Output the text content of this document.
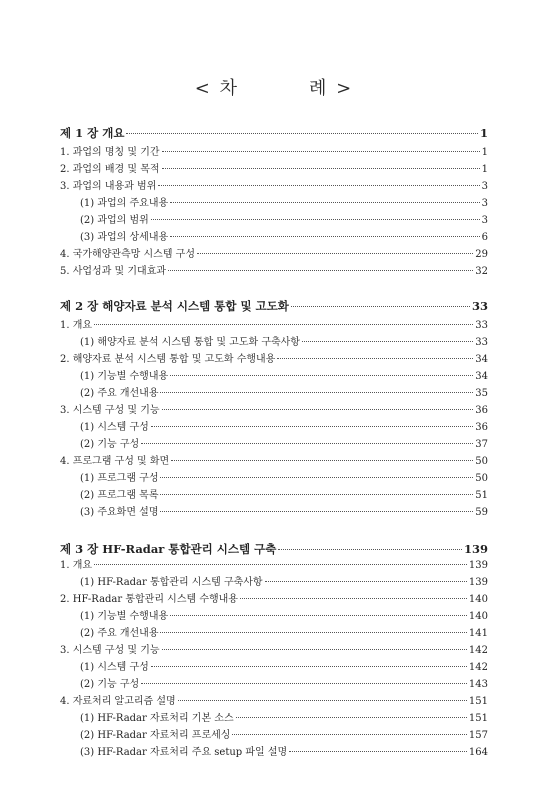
< 차	례 >
제 1 장 개요	1
1. 과업의 명칭 및 기간	1
2. 과업의 배경 및 목적	1
3. 과업의 내용과 범위	3
(1) 과업의 주요내용	3
(2) 과업의 범위	3
(3) 과업의 상세내용	6
4. 국가해양관측망 시스템 구성	29
5. 사업성과 및 기대효과	32
제 2 장 해양자료 분석 시스템 통합 및 고도화	33
1. 개요	33
(1) 해양자료 분석 시스템 통합 및 고도화 구축사항	33
2. 해양자료 분석 시스템 통합 및 고도화 수행내용	34
(1) 기능별 수행내용	34
(2) 주요 개선내용	35
3. 시스템 구성 및 기능	36
(1) 시스템 구성	36
(2) 기능 구성	37
4. 프로그램 구성 및 화면	50
(1) 프로그램 구성	50
(2) 프로그램 목록	51
(3) 주요화면 설명	59
제 3 장 HF-Radar 통합관리 시스템 구축	139
1. 개요	139
(1) HF-Radar 통합관리 시스템 구축사항	139
2. HF-Radar 통합관리 시스템 수행내용	140
(1) 기능별 수행내용	140
(2) 주요 개선내용	141
3. 시스템 구성 및 기능	142
(1) 시스템 구성	142
(2) 기능 구성	143
4. 자료처리 알고리즘 설명	151
(1) HF-Radar 자료처리 기본 소스	151
(2) HF-Radar 자료처리 프로세싱	157
(3) HF-Radar 자료처리 주요 setup 파일 설명	164
